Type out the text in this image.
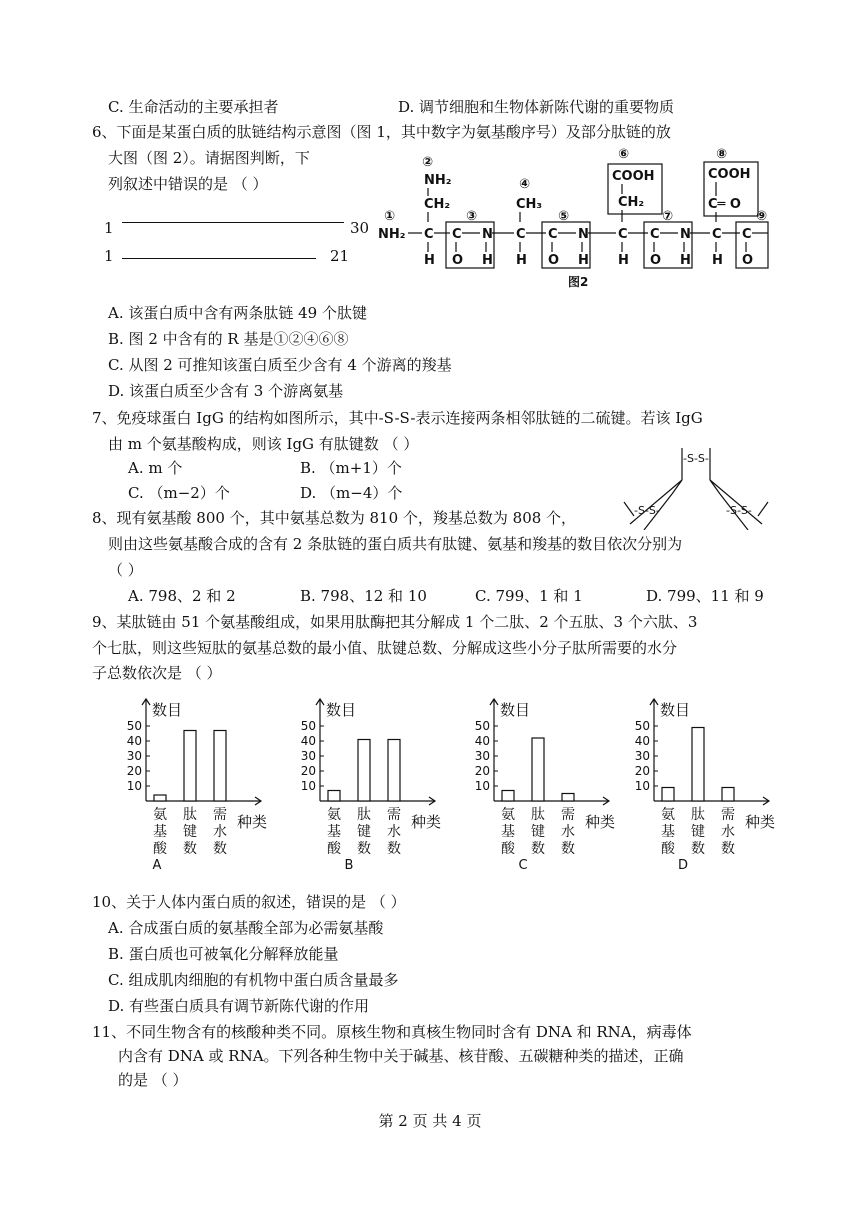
C. 生命活动的主要承担者	D. 调节细胞和生物体新陈代谢的重要物质
6、下面是某蛋白质的肽链结构示意图（图 1，其中数字为氨基酸序号）及部分肽链的放
大图（图 2）。请据图判断，下
列叙述中错误的是 （ ）
1	30
1	21
②
①	③
④
⑤
⑥
⑦
⑧
⑨
NH₂
CH₂	CH₃
COOH
CH₂
COOH
C═ O
NH₂ C C N C C N C C N C C
H O H H O H H O H H O
图2
A. 该蛋白质中含有两条肽链 49 个肽键
B. 图 2 中含有的 R 基是①②④⑥⑧
C. 从图 2 可推知该蛋白质至少含有 4 个游离的羧基
D. 该蛋白质至少含有 3 个游离氨基
7、免疫球蛋白 IgG 的结构如图所示，其中-S-S-表示连接两条相邻肽链的二硫键。若该 IgG
由 m 个氨基酸构成，则该 IgG 有肽键数 （ ）
A. m 个	B. （m+1）个
C. （m−2）个	D. （m−4）个
-S-S-
-S-S-	-S-S-
8、现有氨基酸 800 个，其中氨基总数为 810 个，羧基总数为 808 个，
则由这些氨基酸合成的含有 2 条肽链的蛋白质共有肽键、氨基和羧基的数目依次分别为
（ ）
A. 798、2 和 2	B. 798、12 和 10	C. 799、1 和 1	D. 799、11 和 9
9、某肽链由 51 个氨基酸组成，如果用肽酶把其分解成 1 个二肽、2 个五肽、3 个六肽、3
个七肽，则这些短肽的氨基总数的最小值、肽键总数、分解成这些小分子肽所需要的水分
子总数依次是 （ ）
数目
10
20
30
40
50
氨
基
酸
肽
键
数
需
水
数
种类
A
数目
10
20
30
40
50
氨
基
酸
肽
键
数
需
水
数
种类
B
数目
10
20
30
40
50
氨
基
酸
肽
键
数
需
水
数
种类
C
数目
10
20
30
40
50
氨
基
酸
肽
键
数
需
水
数
种类
D
10、关于人体内蛋白质的叙述，错误的是 （ ）
A. 合成蛋白质的氨基酸全部为必需氨基酸
B. 蛋白质也可被氧化分解释放能量
C. 组成肌肉细胞的有机物中蛋白质含量最多
D. 有些蛋白质具有调节新陈代谢的作用
11、不同生物含有的核酸种类不同。原核生物和真核生物同时含有 DNA 和 RNA，病毒体
内含有 DNA 或 RNA。下列各种生物中关于碱基、核苷酸、五碳糖种类的描述，正确
的是 （ ）
第 2 页 共 4 页
